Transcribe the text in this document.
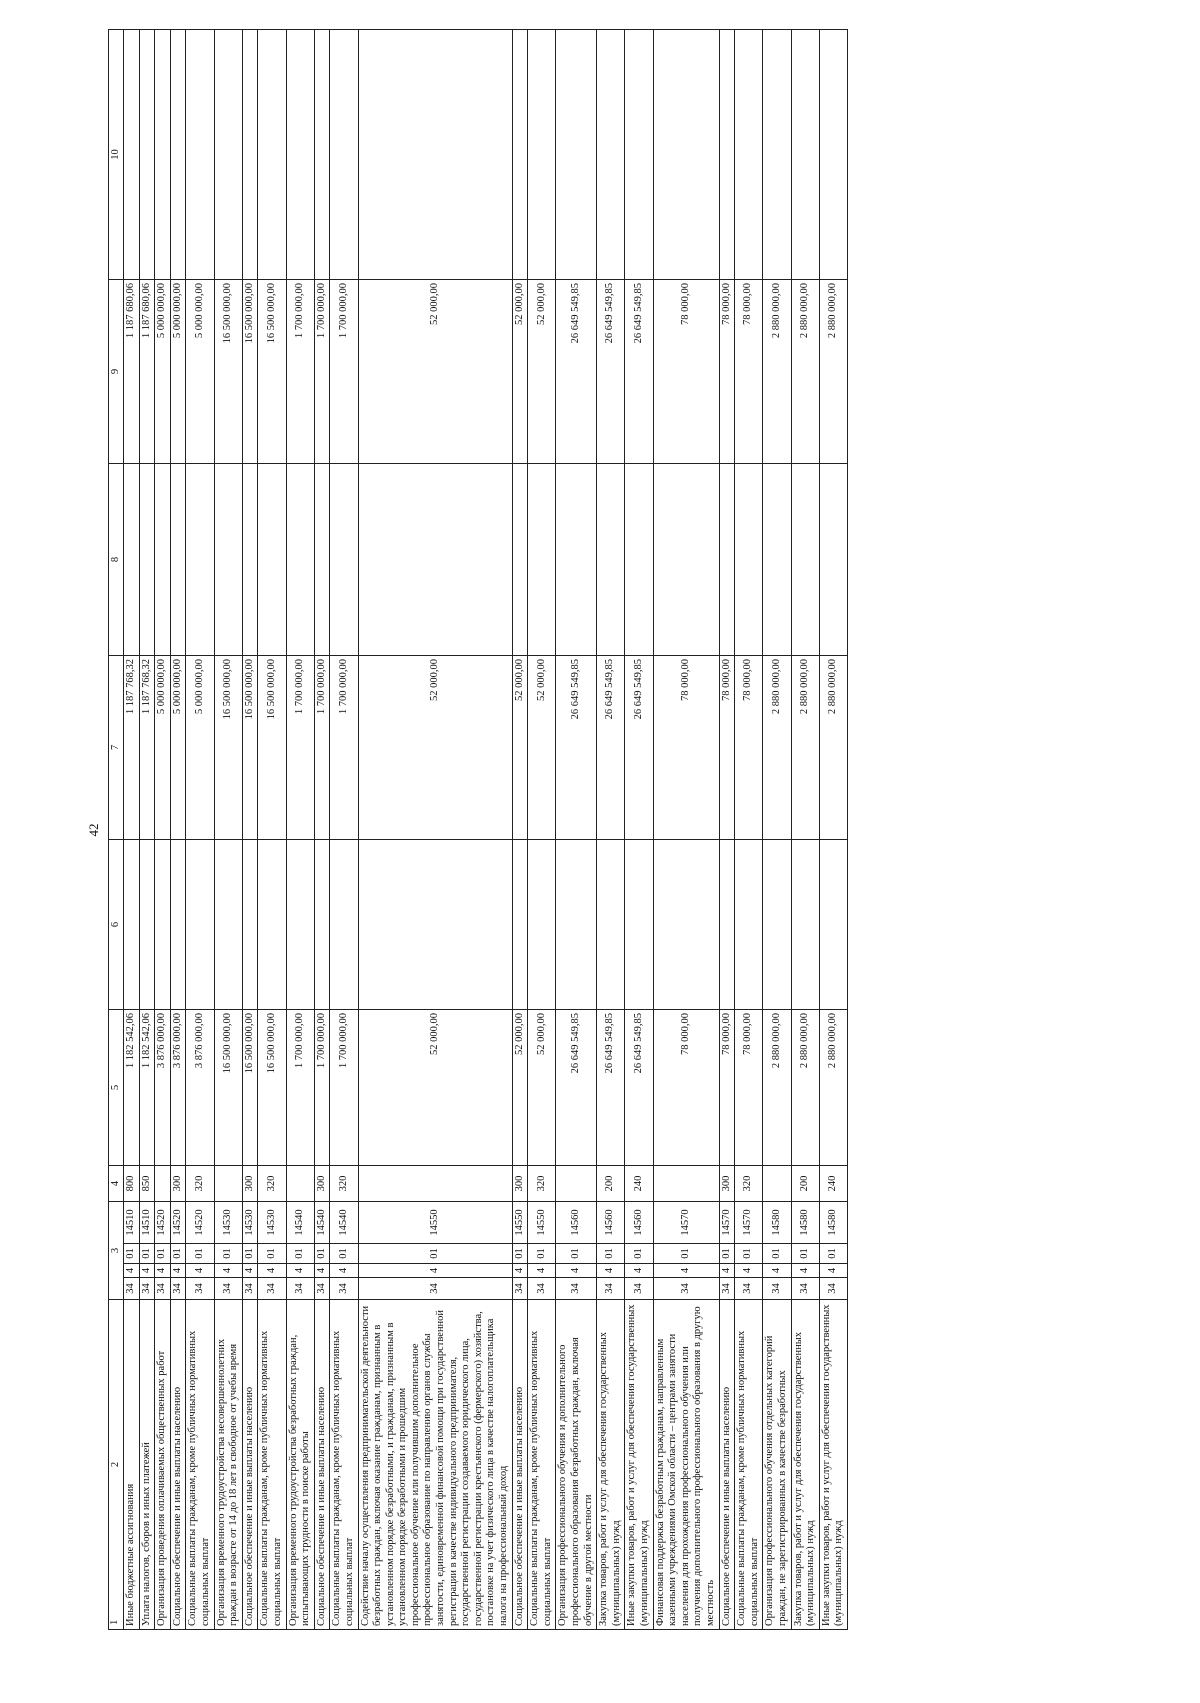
42
1
2	3				4	5	6	7	8	9	10
Иные бюджетные ассигнования	34	4	01	14510	800	1 182 542,06		1 187 768,32		1 187 680,06	
Уплата налогов, сборов и иных платежей	34	4	01	14510	850	1 182 542,06		1 187 768,32		1 187 680,06	
Организация проведения оплачиваемых общественных работ	34	4	01	14520		3 876 000,00		5 000 000,00		5 000 000,00	
Социальное обеспечение и иные выплаты населению	34	4	01	14520	300	3 876 000,00		5 000 000,00		5 000 000,00	
Социальные выплаты гражданам, кроме публичных нормативных социальных выплат	34	4	01	14520	320	3 876 000,00		5 000 000,00		5 000 000,00	
Организация временного трудоустройства несовершеннолетних граждан в возрасте от 14 до 18 лет в свободное от учебы время	34	4	01	14530		16 500 000,00		16 500 000,00		16 500 000,00	
Социальное обеспечение и иные выплаты населению	34	4	01	14530	300	16 500 000,00		16 500 000,00		16 500 000,00	
Социальные выплаты гражданам, кроме публичных нормативных социальных выплат	34	4	01	14530	320	16 500 000,00		16 500 000,00		16 500 000,00	
Организация временного трудоустройства безработных граждан, испытывающих трудности в поиске работы	34	4	01	14540		1 700 000,00		1 700 000,00		1 700 000,00	
Социальное обеспечение и иные выплаты населению	34	4	01	14540	300	1 700 000,00		1 700 000,00		1 700 000,00	
Социальные выплаты гражданам, кроме публичных нормативных социальных выплат	34	4	01	14540	320	1 700 000,00		1 700 000,00		1 700 000,00	
Содействие началу осуществления предпринимательской деятельности безработных граждан, включая оказание гражданам, признанным в установленном порядке безработными, и гражданам, признанным в установленном порядке безработными и прошедшим профессиональное обучение или получившим дополнительное профессиональное образование по направлению органов службы занятости, единовременной финансовой помощи при государственной регистрации в качестве индивидуального предпринимателя, государственной регистрации создаваемого юридического лица, государственной регистрации крестьянского (фермерского) хозяйства, постановке на учет физического лица в качестве налогоплательщика налога на профессиональный доход	34	4	01	14550		52 000,00		52 000,00		52 000,00	
Социальное обеспечение и иные выплаты населению	34	4	01	14550	300	52 000,00		52 000,00		52 000,00	
Социальные выплаты гражданам, кроме публичных нормативных социальных выплат	34	4	01	14550	320	52 000,00		52 000,00		52 000,00	
Организация профессионального обучения и дополнительного профессионального образования безработных граждан, включая обучение в другой местности	34	4	01	14560		26 649 549,85		26 649 549,85		26 649 549,85	
Закупка товаров, работ и услуг для обеспечения государственных (муниципальных) нужд	34	4	01	14560	200	26 649 549,85		26 649 549,85		26 649 549,85	
Иные закупки товаров, работ и услуг для обеспечения государственных (муниципальных) нужд	34	4	01	14560	240	26 649 549,85		26 649 549,85		26 649 549,85	
Финансовая поддержка безработным гражданам, направленным казенными учреждениями Омской области – центрами занятости населения для прохождения профессионального обучения или получения дополнительного профессионального образования в другую местность	34	4	01	14570		78 000,00		78 000,00		78 000,00	
Социальное обеспечение и иные выплаты населению	34	4	01	14570	300	78 000,00		78 000,00		78 000,00	
Социальные выплаты гражданам, кроме публичных нормативных социальных выплат	34	4	01	14570	320	78 000,00		78 000,00		78 000,00	
Организация профессионального обучения отдельных категорий граждан, не зарегистрированных в качестве безработных	34	4	01	14580		2 880 000,00		2 880 000,00		2 880 000,00	
Закупка товаров, работ и услуг для обеспечения государственных (муниципальных) нужд	34	4	01	14580	200	2 880 000,00		2 880 000,00		2 880 000,00	
Иные закупки товаров, работ и услуг для обеспечения государственных (муниципальных) нужд	34	4	01	14580	240	2 880 000,00		2 880 000,00		2 880 000,00	
